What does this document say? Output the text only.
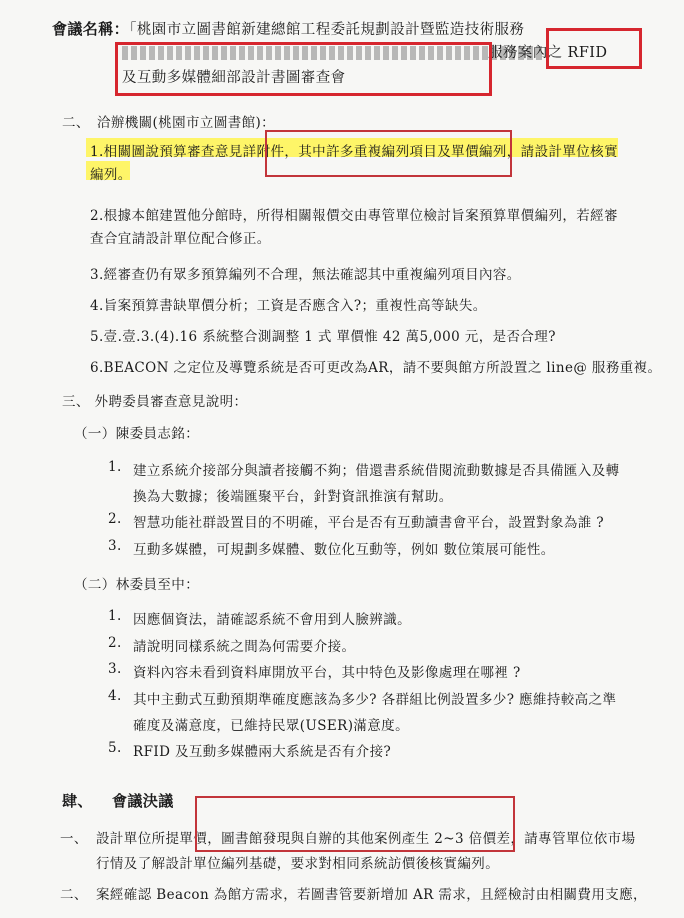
會議名稱：
「桃園市立圖書館新建總館工程委託規劃設計暨監造技術服務
服務案內之 RFID
及互動多媒體細部設計書圖審查會
二、　洽辦機關(桃園市立圖書館)：
1.相關圖說預算審查意見詳附件，其中許多重複編列項目及單價編列，請設計單位核實
編列。
2.根據本館建置他分館時，所得相關報價交由專管單位檢討旨案預算單價編列，若經審
查合宜請設計單位配合修正。
3.經審查仍有眾多預算編列不合理，無法確認其中重複編列項目內容。
4.旨案預算書缺單價分析；工資是否應含入?；重複性高等缺失。
5.壹.壹.3.(4).16 系統整合測調整 1 式 單價惟 42 萬5,000 元，是否合理?
6.BEACON 之定位及導覽系統是否可更改為AR，請不要與館方所設置之 line@ 服務重複。
三、 外聘委員審查意見說明：
（一）陳委員志銘：
1. 建立系統介接部分與讀者接觸不夠；借還書系統借閱流動數據是否具備匯入及轉
換為大數據；後端匯聚平台，針對資訊推演有幫助。
2. 智慧功能社群設置目的不明確，平台是否有互動讀書會平台，設置對象為誰 ?
3. 互動多媒體，可規劃多媒體、數位化互動等，例如 數位策展可能性。
（二）林委員至中：
1. 因應個資法，請確認系統不會用到人臉辨識。
2. 請說明同樣系統之間為何需要介接。
3. 資料內容未看到資料庫開放平台，其中特色及影像處理在哪裡 ?
4. 其中主動式互動預期準確度應該為多少? 各群組比例設置多少? 應維持較高之準
確度及滿意度，已維持民眾(USER)滿意度。
5. RFID 及互動多媒體兩大系統是否有介接?
肆、 會議決議
一、 設計單位所提單價，圖書館發現與自辦的其他案例產生 2~3 倍價差，請專管單位依市場
行情及了解設計單位編列基礎，要求對相同系統訪價後核實編列。
二、 案經確認 Beacon 為館方需求，若圖書管要新增加 AR 需求，且經檢討由相關費用支應，
